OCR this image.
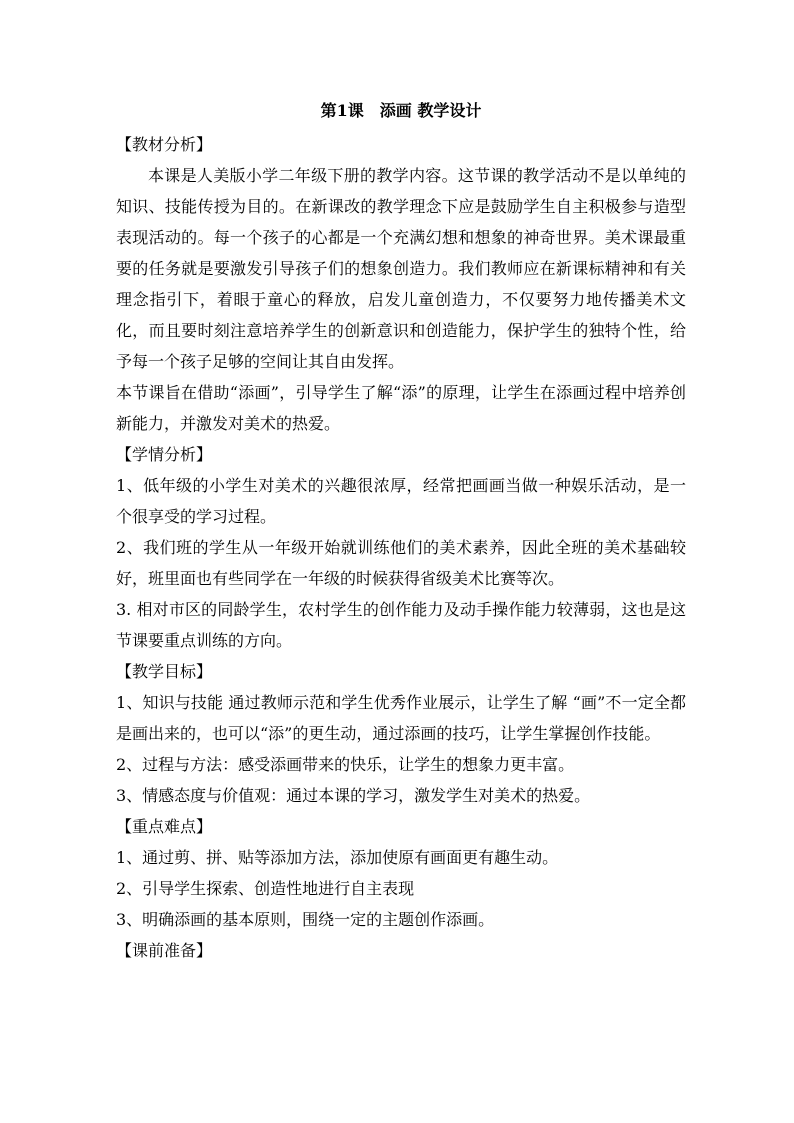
第1课　添画 教学设计
【教材分析】

本课是人美版小学二年级下册的教学内容。这节课的教学活动不是以单纯的知识、技能传授为目的。在新课改的教学理念下应是鼓励学生自主积极参与造型表现活动的。每一个孩子的心都是一个充满幻想和想象的神奇世界。美术课最重要的任务就是要激发引导孩子们的想象创造力。我们教师应在新课标精神和有关理念指引下，着眼于童心的释放，启发儿童创造力，不仅要努力地传播美术文化，而且要时刻注意培养学生的创新意识和创造能力，保护学生的独特个性，给予每一个孩子足够的空间让其自由发挥。

本节课旨在借助“添画”，引导学生了解“添”的原理，让学生在添画过程中培养创新能力，并激发对美术的热爱。

【学情分析】

1、低年级的小学生对美术的兴趣很浓厚，经常把画画当做一种娱乐活动，是一个很享受的学习过程。

2、我们班的学生从一年级开始就训练他们的美术素养，因此全班的美术基础较好，班里面也有些同学在一年级的时候获得省级美术比赛等次。

3. 相对市区的同龄学生，农村学生的创作能力及动手操作能力较薄弱，这也是这节课要重点训练的方向。

【教学目标】

1、知识与技能 通过教师示范和学生优秀作业展示，让学生了解 “画”不一定全都是画出来的，也可以“添”的更生动，通过添画的技巧，让学生掌握创作技能。

2、过程与方法：感受添画带来的快乐，让学生的想象力更丰富。

3、情感态度与价值观：通过本课的学习，激发学生对美术的热爱。

【重点难点】

1、通过剪、拼、贴等添加方法，添加使原有画面更有趣生动。

2、引导学生探索、创造性地进行自主表现

3、明确添画的基本原则，围绕一定的主题创作添画。

【课前准备】
